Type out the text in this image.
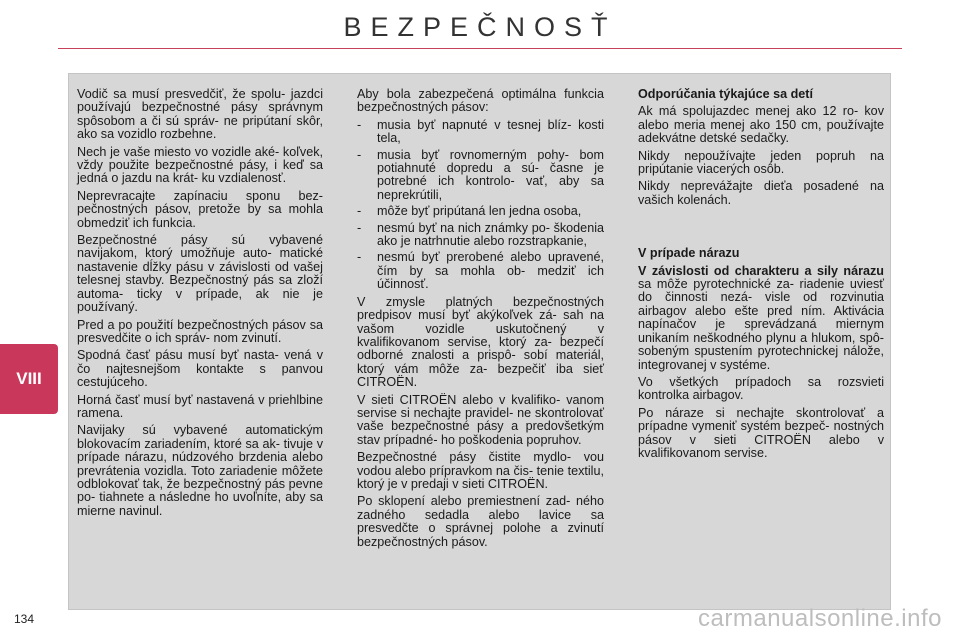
BEZPEČNOSŤ
VIII

Vodič sa musí presvedčiť, že spolu- jazdci používajú bezpečnostné pásy správnym spôsobom a či sú správ- ne pripútaní skôr, ako sa vozidlo rozbehne.

Nech je vaše miesto vo vozidle aké- koľvek, vždy použite bezpečnostné pásy, i keď sa jedná o jazdu na krát- ku vzdialenosť.

Neprevracajte zapínaciu sponu bez- pečnostných pásov, pretože by sa mohla obmedziť ich funkcia.

Bezpečnostné pásy sú vybavené navijakom, ktorý umožňuje auto- matické nastavenie dĺžky pásu v závislosti od vašej telesnej stavby. Bezpečnostný pás sa zloží automa- ticky v prípade, ak nie je používaný.

Pred a po použití bezpečnostných pásov sa presvedčite o ich správ- nom zvinutí.

Spodná časť pásu musí byť nasta- vená v čo najtesnejšom kontakte s panvou cestujúceho.

Horná časť musí byť nastavená v priehlbine ramena.

Navijaky sú vybavené automatickým blokovacím zariadením, ktoré sa ak- tivuje v prípade nárazu, núdzového brzdenia alebo prevrátenia vozidla. Toto zariadenie môžete odblokovať tak, že bezpečnostný pás pevne po- tiahnete a následne ho uvoľníte, aby sa mierne navinul.

Aby bola zabezpečená optimálna funkcia bezpečnostných pásov:

- musia byť napnuté v tesnej blíz- kosti tela,
- musia byť rovnomerným pohy- bom potiahnuté dopredu a sú- časne je potrebné ich kontrolo- vať, aby sa neprekrútili,
- môže byť pripútaná len jedna osoba,
- nesmú byť na nich známky po- škodenia ako je natrhnutie alebo rozstrapkanie,
- nesmú byť prerobené alebo upravené, čím by sa mohla ob- medziť ich účinnosť.

V zmysle platných bezpečnostných predpisov musí byť akýkoľvek zá- sah na vašom vozidle uskutočnený v kvalifikovanom servise, ktorý za- bezpečí odborné znalosti a prispô- sobí materiál, ktorý vám môže za- bezpečiť iba sieť CITROËN.

V sieti CITROËN alebo v kvalifiko- vanom servise si nechajte pravidel- ne skontrolovať vaše bezpečnostné pásy a predovšetkým stav prípadné- ho poškodenia popruhov.

Bezpečnostné pásy čistite mydlo- vou vodou alebo prípravkom na čis- tenie textilu, ktorý je v predaji v sieti CITROËN.

Po sklopení alebo premiestnení zad- ného zadného sedadla alebo lavice sa presvedčte o správnej polohe a zvinutí bezpečnostných pásov.

Odporúčania týkajúce sa detí

Ak má spolujazdec menej ako 12 ro- kov alebo meria menej ako 150 cm, používajte adekvátne detské sedačky.

Nikdy nepoužívajte jeden popruh na pripútanie viacerých osôb.

Nikdy neprevážajte dieťa posadené na vašich kolenách.

V prípade nárazu

V závislosti od charakteru a sily nárazu sa môže pyrotechnické za- riadenie uviesť do činnosti nezá- visle od rozvinutia airbagov alebo ešte pred ním. Aktivácia napínačov je sprevádzaná miernym unikaním neškodného plynu a hlukom, spô- sobeným spustením pyrotechnickej nálože, integrovanej v systéme.

Vo všetkých prípadoch sa rozsvieti kontrolka airbagov.

Po náraze si nechajte skontrolovať a prípadne vymeniť systém bezpeč- nostných pásov v sieti CITROËN alebo v kvalifikovanom servise.

134	carmanualsonline.info
